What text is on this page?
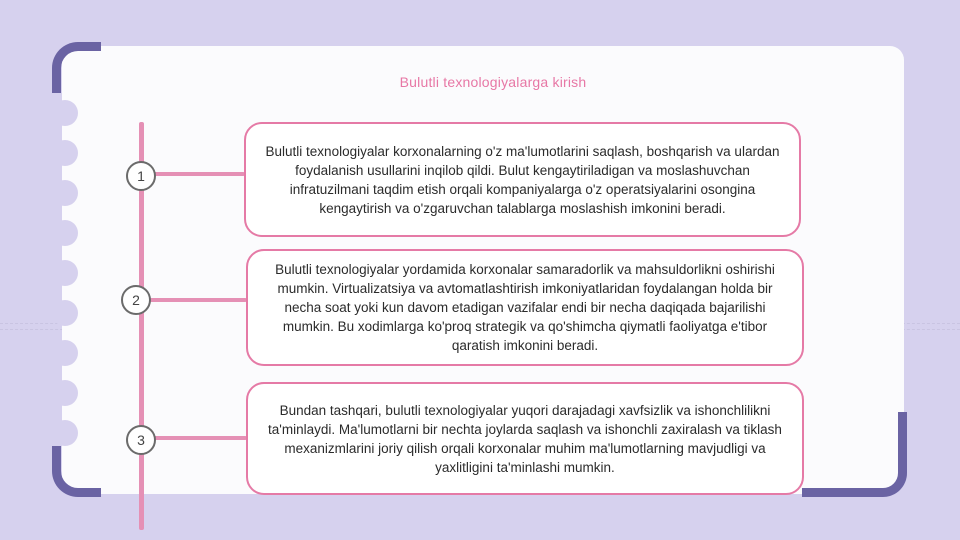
Bulutli texnologiyalarga kirish
1
Bulutli texnologiyalar korxonalarning o'z ma'lumotlarini saqlash, boshqarish va ulardan foydalanish usullarini inqilob qildi. Bulut kengaytiriladigan va moslashuvchan infratuzilmani taqdim etish orqali kompaniyalarga o'z operatsiyalarini osongina kengaytirish va o'zgaruvchan talablarga moslashish imkonini beradi.
2
Bulutli texnologiyalar yordamida korxonalar samaradorlik va mahsuldorlikni oshirishi mumkin. Virtualizatsiya va avtomatlashtirish imkoniyatlaridan foydalangan holda bir necha soat yoki kun davom etadigan vazifalar endi bir necha daqiqada bajarilishi mumkin. Bu xodimlarga ko'proq strategik va qo'shimcha qiymatli faoliyatga e'tibor qaratish imkonini beradi.
3
Bundan tashqari, bulutli texnologiyalar yuqori darajadagi xavfsizlik va ishonchlilikni ta'minlaydi. Ma'lumotlarni bir nechta joylarda saqlash va ishonchli zaxiralash va tiklash mexanizmlarini joriy qilish orqali korxonalar muhim ma'lumotlarning mavjudligi va yaxlitligini ta'minlashi mumkin.
